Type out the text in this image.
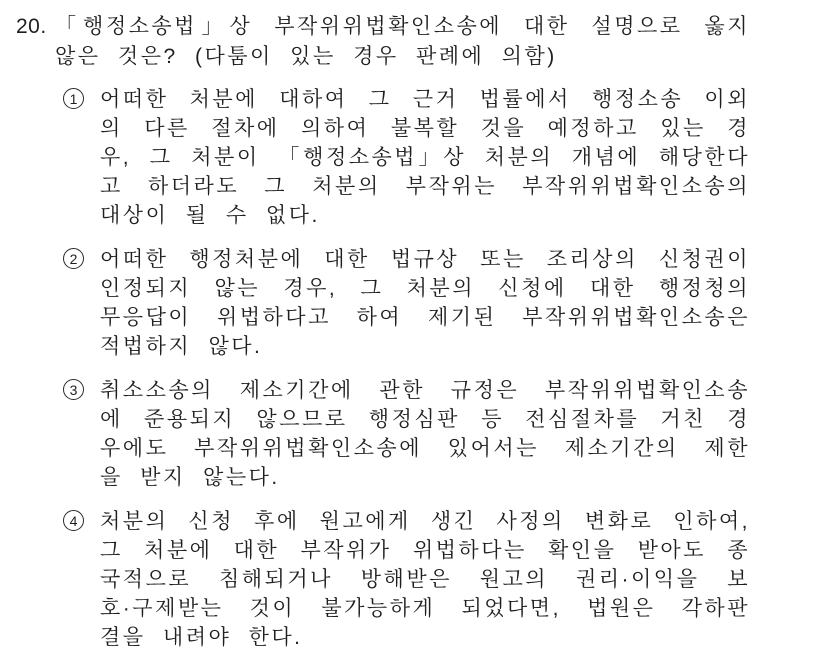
20. 「행정소송법」상 부작위위법확인소송에 대한 설명으로 옳지
않은 것은? (다툼이 있는 경우 판례에 의함)
1 어떠한 처분에 대하여 그 근거 법률에서 행정소송 이외
의 다른 절차에 의하여 불복할 것을 예정하고 있는 경
우, 그 처분이 「행정소송법」상 처분의 개념에 해당한다
고 하더라도 그 처분의 부작위는 부작위위법확인소송의
대상이 될 수 없다.
2 어떠한 행정처분에 대한 법규상 또는 조리상의 신청권이
인정되지 않는 경우, 그 처분의 신청에 대한 행정청의
무응답이 위법하다고 하여 제기된 부작위위법확인소송은
적법하지 않다.
3 취소소송의 제소기간에 관한 규정은 부작위위법확인소송
에 준용되지 않으므로 행정심판 등 전심절차를 거친 경
우에도 부작위위법확인소송에 있어서는 제소기간의 제한
을 받지 않는다.
4 처분의 신청 후에 원고에게 생긴 사정의 변화로 인하여,
그 처분에 대한 부작위가 위법하다는 확인을 받아도 종
국적으로 침해되거나 방해받은 원고의 권리·이익을 보
호·구제받는 것이 불가능하게 되었다면, 법원은 각하판
결을 내려야 한다.
